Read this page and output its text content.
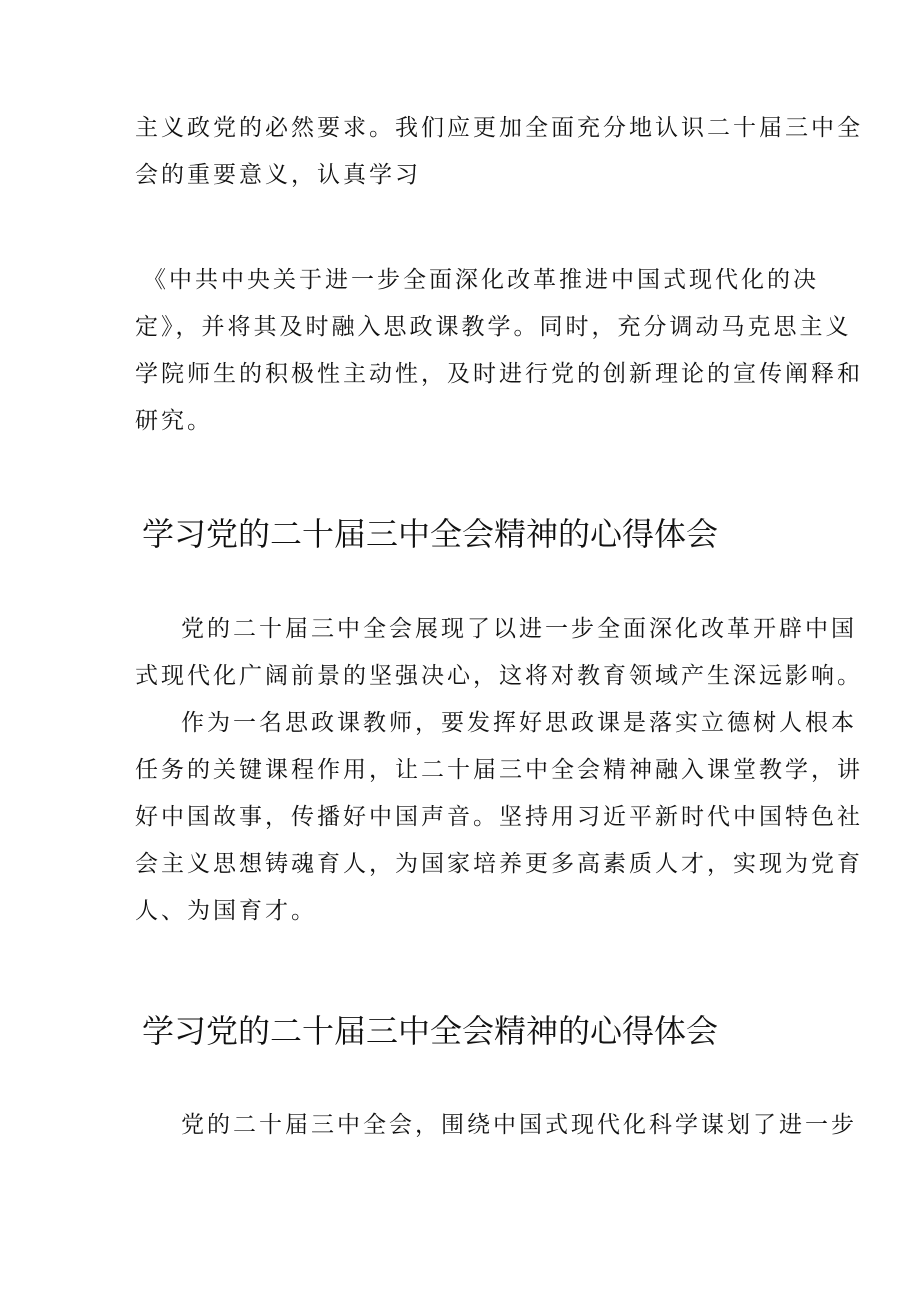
主义政党的必然要求。我们应更加全面充分地认识二十届三中全
会的重要意义，认真学习

《中共中央关于进一步全面深化改革推进中国式现代化的决
定》，并将其及时融入思政课教学。同时，充分调动马克思主义
学院师生的积极性主动性，及时进行党的创新理论的宣传阐释和
研究。

学习党的二十届三中全会精神的心得体会

党的二十届三中全会展现了以进一步全面深化改革开辟中国
式现代化广阔前景的坚强决心，这将对教育领域产生深远影响。

作为一名思政课教师，要发挥好思政课是落实立德树人根本
任务的关键课程作用，让二十届三中全会精神融入课堂教学，讲
好中国故事，传播好中国声音。坚持用习近平新时代中国特色社
会主义思想铸魂育人，为国家培养更多高素质人才，实现为党育
人、为国育才。

学习党的二十届三中全会精神的心得体会

党的二十届三中全会，围绕中国式现代化科学谋划了进一步
